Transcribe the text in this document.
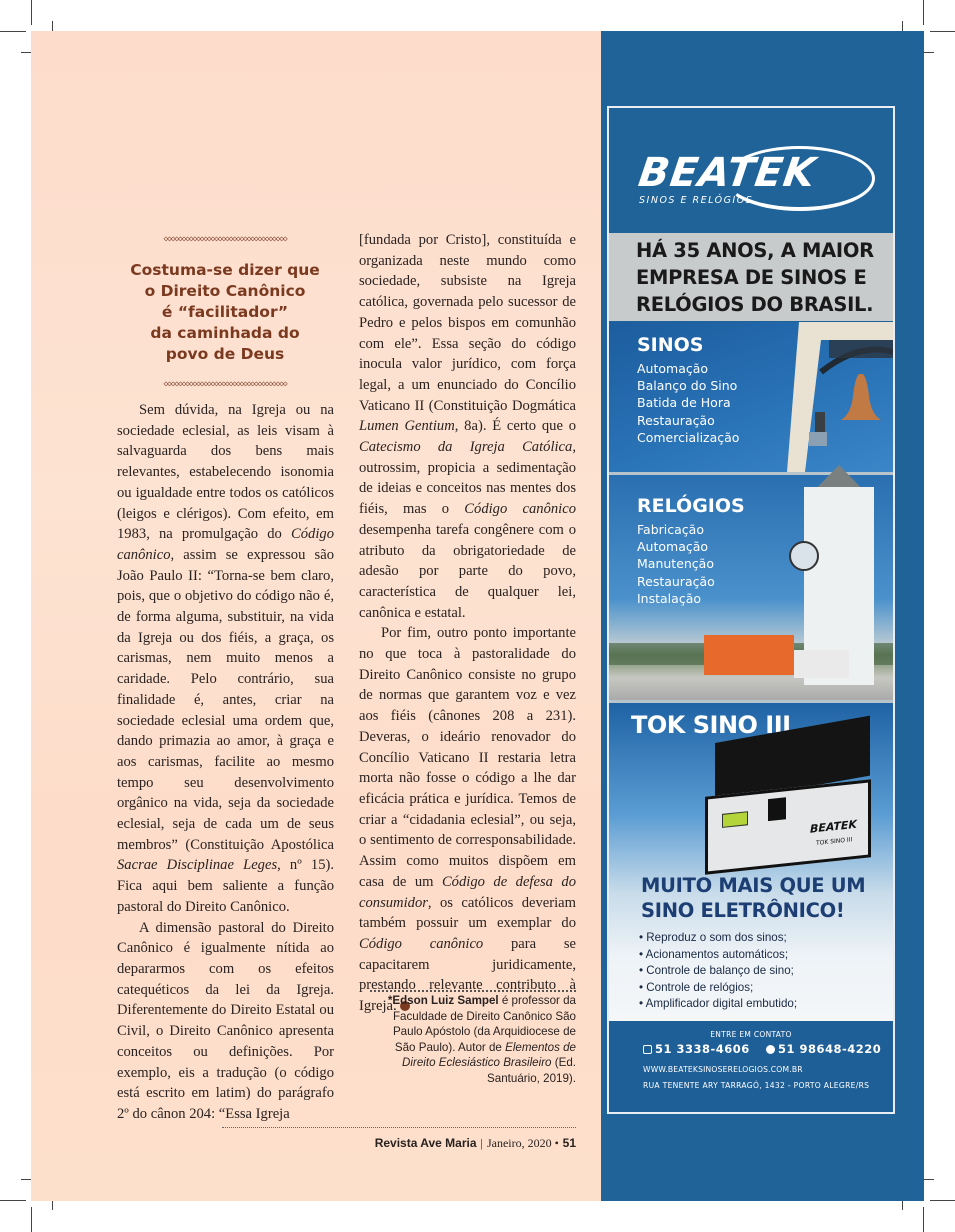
◇◇◇◇◇◇◇◇◇◇◇◇◇◇◇◇◇◇◇◇◇◇◇◇◇◇◇◇◇◇◇◇◇◇
Costuma-se dizer que
o Direito Canônico
é “facilitador”
da caminhada do
povo de Deus
◇◇◇◇◇◇◇◇◇◇◇◇◇◇◇◇◇◇◇◇◇◇◇◇◇◇◇◇◇◇◇◇◇◇

Sem dúvida, na Igreja ou na sociedade eclesial, as leis visam à salvaguarda dos bens mais relevantes, estabelecendo isonomia ou igualdade entre todos os católicos (leigos e clérigos). Com efeito, em 1983, na promulgação do Código canônico, assim se expressou são João Paulo II: “Torna-se bem claro, pois, que o objetivo do código não é, de forma alguma, substituir, na vida da Igreja ou dos fiéis, a graça, os carismas, nem muito menos a caridade. Pelo contrário, sua finalidade é, antes, criar na sociedade eclesial uma ordem que, dando primazia ao amor, à graça e aos carismas, facilite ao mesmo tempo seu desenvolvimento orgânico na vida, seja da sociedade eclesial, seja de cada um de seus membros” (Constituição Apostólica Sacrae Disciplinae Leges, nº 15). Fica aqui bem saliente a função pastoral do Direito Canônico.

A dimensão pastoral do Direito Canônico é igualmente nítida ao depararmos com os efeitos catequéticos da lei da Igreja. Diferentemente do Direito Estatal ou Civil, o Direito Canônico apresenta conceitos ou definições. Por exemplo, eis a tradução (o código está escrito em latim) do parágrafo 2º do cânon 204: “Essa Igreja

[fundada por Cristo], constituída e organizada neste mundo como sociedade, subsiste na Igreja católica, governada pelo sucessor de Pedro e pelos bispos em comunhão com ele”. Essa seção do código inocula valor jurídico, com força legal, a um enunciado do Concílio Vaticano II (Constituição Dogmática Lumen Gentium, 8a). É certo que o Catecismo da Igreja Católica, outrossim, propicia a sedimentação de ideias e conceitos nas mentes dos fiéis, mas o Código canônico desempenha tarefa congênere com o atributo da obrigatoriedade de adesão por parte do povo, característica de qualquer lei, canônica e estatal.

Por fim, outro ponto importante no que toca à pastoralidade do Direito Canônico consiste no grupo de normas que garantem voz e vez aos fiéis (cânones 208 a 231). Deveras, o ideário renovador do Concílio Vaticano II restaria letra morta não fosse o código a lhe dar eficácia prática e jurídica. Temos de criar a “cidadania eclesial”, ou seja, o sentimento de corresponsabilidade. Assim como muitos dispõem em casa de um Código de defesa do consumidor, os católicos deveriam também possuir um exemplar do Código canônico para se capacitarem juridicamente, prestando relevante contributo à Igreja.

*Edson Luiz Sampel é professor da Faculdade de Direito Canônico São Paulo Apóstolo (da Arquidiocese de São Paulo). Autor de Elementos de Direito Eclesiástico Brasileiro (Ed. Santuário, 2019).
Revista Ave Maria | Janeiro, 2020 • 51
BEATEK
SINOS E RELÓGIOS
HÁ 35 ANOS, A MAIOR
EMPRESA DE SINOS E
RELÓGIOS DO BRASIL.
SINOS
Automação
Balanço do Sino
Batida de Hora
Restauração
Comercialização
RELÓGIOS
Fabricação
Automação
Manutenção
Restauração
Instalação
TOK SINO III
BEATEK
TOK SINO III
MUITO MAIS QUE UM
SINO ELETRÔNICO!
• Reproduz o som dos sinos;
• Acionamentos automáticos;
• Controle de balanço de sino;
• Controle de relógios;
• Amplificador digital embutido;
ENTRE EM CONTATO
51 3338-4606	51 98648-4220
WWW.BEATEKSINOSERELOGIOS.COM.BR
RUA TENENTE ARY TARRAGÓ, 1432 - PORTO ALEGRE/RS
